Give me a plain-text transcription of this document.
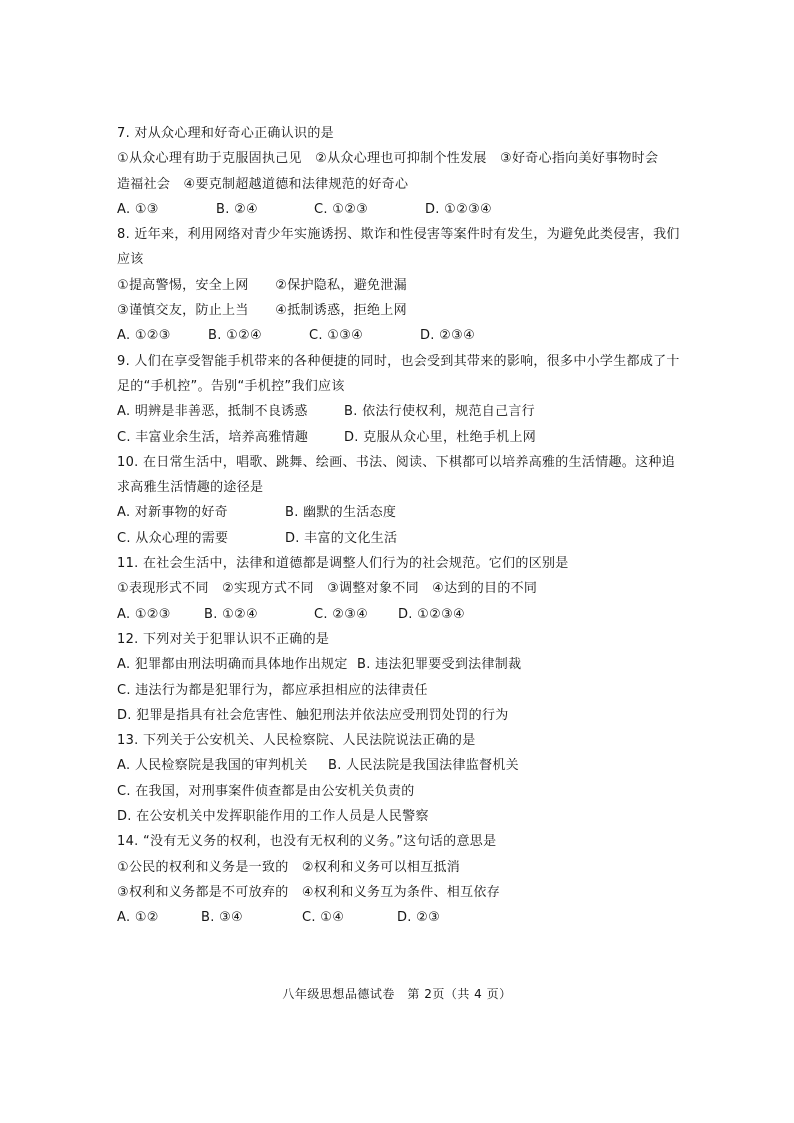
7. 对从众心理和好奇心正确认识的是
①从众心理有助于克服固执己见　②从众心理也可抑制个性发展　③好奇心指向美好事物时会
造福社会　④要克制超越道德和法律规范的好奇心
A. ①③	B. ②④	C. ①②③	D. ①②③④
8. 近年来，利用网络对青少年实施诱拐、欺诈和性侵害等案件时有发生，为避免此类侵害，我们
应该
①提高警惕，安全上网　　②保护隐私，避免泄漏
③谨慎交友，防止上当　　④抵制诱惑，拒绝上网
A. ①②③	B. ①②④	C. ①③④	D. ②③④
9. 人们在享受智能手机带来的各种便捷的同时，也会受到其带来的影响，很多中小学生都成了十
足的“手机控”。告别“手机控”我们应该
A. 明辨是非善恶，抵制不良诱惑	B. 依法行使权利，规范自己言行
C. 丰富业余生活，培养高雅情趣	D. 克服从众心里，杜绝手机上网
10. 在日常生活中，唱歌、跳舞、绘画、书法、阅读、下棋都可以培养高雅的生活情趣。这种追
求高雅生活情趣的途径是
A. 对新事物的好奇	B. 幽默的生活态度
C. 从众心理的需要	D. 丰富的文化生活
11. 在社会生活中，法律和道德都是调整人们行为的社会规范。它们的区别是
①表现形式不同　②实现方式不同　③调整对象不同　④达到的目的不同
A. ①②③	B. ①②④	C. ②③④	D. ①②③④
12. 下列对关于犯罪认识不正确的是
A. 犯罪都由刑法明确而具体地作出规定 B. 违法犯罪要受到法律制裁
C. 违法行为都是犯罪行为，都应承担相应的法律责任
D. 犯罪是指具有社会危害性、触犯刑法并依法应受刑罚处罚的行为
13. 下列关于公安机关、人民检察院、人民法院说法正确的是
A. 人民检察院是我国的审判机关	B. 人民法院是我国法律监督机关
C. 在我国，对刑事案件侦查都是由公安机关负责的
D. 在公安机关中发挥职能作用的工作人员是人民警察
14. “没有无义务的权利，也没有无权利的义务。”这句话的意思是
①公民的权利和义务是一致的　②权利和义务可以相互抵消
③权利和义务都是不可放弃的　④权利和义务互为条件、相互依存
A. ①②	B. ③④	C. ①④	D. ②③
八年级思想品德试卷　第 2页（共 4 页）
